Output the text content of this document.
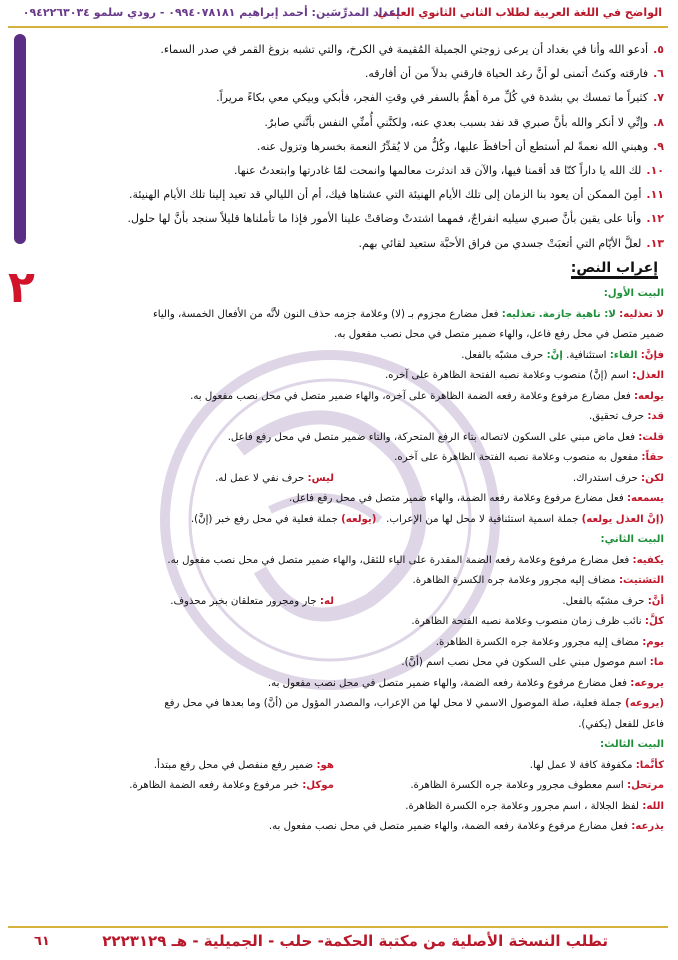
الواضح في اللغة العربية لطلاب الثاني الثانوي العلمي
إعداد المدرِّسَين: أحمد إبراهيم ٠٩٩٤٠٧٨١٨١ - رودي سلمو ٠٩٤٢٢٦٣٠٣٤
٢
٥.أدعو الله وأنا في بغداد أن يرعى زوجتي الجميلة المُقيمة في الكرخ، والتي تشبه بزوغ القمر في صدر السماء.
٦.فارقته وكنتُ أتمنى لو أنَّ رغد الحياة فارقني بدلاً من أن أفارقه.
٧.كثيراً ما تمسك بي بشدة في كُلِّ مرة أهمُّ بالسفر في وقتِ الفجر، فأبكي وبيكي معي بكاءً مريراً.
٨.وإنِّي لا أنكر والله بأنَّ صبري قد نفد بسبب بعدي عنه، ولكنَّني أُمنِّي النفس بأنَّني صابرٌ.
٩.وهبني الله نعمةً لم أستطع أن أحافظَ عليها، وكُلُّ من لا يُقدِّرُ النعمة بخسرها وتزول عنه.
١٠.لك الله يا داراً كنّا قد أقمنا فيها، والآن قد اندثرت معالمها وانمحت لمّا غادرتها وابتعدتُ عنها.
١١.أمِنَ الممكن أن يعود بنا الزمان إلى تلك الأيام الهنيئة التي عشناها فيك، أم أن الليالي قد تعيد إلينا تلك الأيام الهنيئة.
١٢.وأنا على يقين بأنَّ صبري سيليه انفراجٌ، فمهما اشتدتْ وضاقتْ علينا الأمور فإذا ما تأملناها قليلاً سنجد بأنَّ لها حلول.
١٣.لعلَّ الأيّام التي أتعبَتْ جسدي من فراق الأحبَّة ستعيد لقائي بهم.
إعراب النص:
البيت الأول:
لا تعذليه: لا: ناهية جازمة. تعذليه: فعل مضارع مجزوم بـ (لا) وعلامة جزمه حذف النون لأنَّه من الأفعال الخمسة، والياء
ضمير متصل في محل رفع فاعل، والهاء ضمير متصل في محل نصب مفعول به.
فإنَّ: الفاء: استئنافية. إنَّ: حرف مشبّه بالفعل.
العذل: اسم (إنَّ) منصوب وعلامة نصبه الفتحة الظاهرة على آخره.
يولعه: فعل مضارع مرفوع وعلامة رفعه الضمة الظاهرة على آخره، والهاء ضمير متصل في محل نصب مفعول به.
قد: حرف تحقيق.
قلت: فعل ماض مبني على السكون لاتصاله بتاء الرفع المتحركة، والتاء ضمير متصل في محل رفع فاعل.
حقاً: مفعول به منصوب وعلامة نصبه الفتحة الظاهرة على آخره.
لكن: حرف استدراك.
ليس: حرف نفي لا عمل له.
يسمعه: فعل مضارع مرفوع وعلامة رفعه الضمة، والهاء ضمير متصل في محل رفع فاعل.
(إنَّ العذل يولعه) جملة اسمية استئنافية لا محل لها من الإعراب.   (يولعه) جملة فعلية في محل رفع خبر (إنَّ).
البيت الثاني:
يكفيه: فعل مضارع مرفوع وعلامة رفعه الضمة المقدرة على الياء للثقل، والهاء ضمير متصل في محل نصب مفعول به.
التشتيت: مضاف إليه مجرور وعلامة جره الكسرة الظاهرة.
أنَّ: حرف مشبّه بالفعل.
له: جار ومجرور متعلقان بخبر محذوف.
كلَّ: نائب ظرف زمان منصوب وعلامة نصبه الفتحة الظاهرة.
يوم: مضاف إليه مجرور وعلامة جره الكسرة الظاهرة.
ما: اسم موصول مبني على السكون في محل نصب اسم (أنَّ).
يروعه: فعل مضارع مرفوع وعلامة رفعه الضمة، والهاء ضمير متصل في محل نصب مفعول به.
(يروعه) جملة فعلية، صلة الموصول الاسمي لا محل لها من الإعراب، والمصدر المؤول من (أنَّ) وما بعدها في محل رفع
فاعل للفعل (يكفي).
البيت الثالث:
كأنَّما: مكفوفة كافة لا عمل لها.
هو: ضمير رفع منفصل في محل رفع مبتدأ.
مرتحل: اسم معطوف مجرور وعلامة جره الكسرة الظاهرة.
موكل: خبر مرفوع وعلامة رفعه الضمة الظاهرة.
الله: لفظ الجلالة ، اسم مجرور وعلامة جره الكسرة الظاهرة.
يذرعه: فعل مضارع مرفوع وعلامة رفعه الضمة، والهاء ضمير متصل في محل نصب مفعول به.
تطلب النسخة الأصلية من مكتبة الحكمة- حلب - الجميلية - هـ ٢٢٢٣١٢٩
٦١
